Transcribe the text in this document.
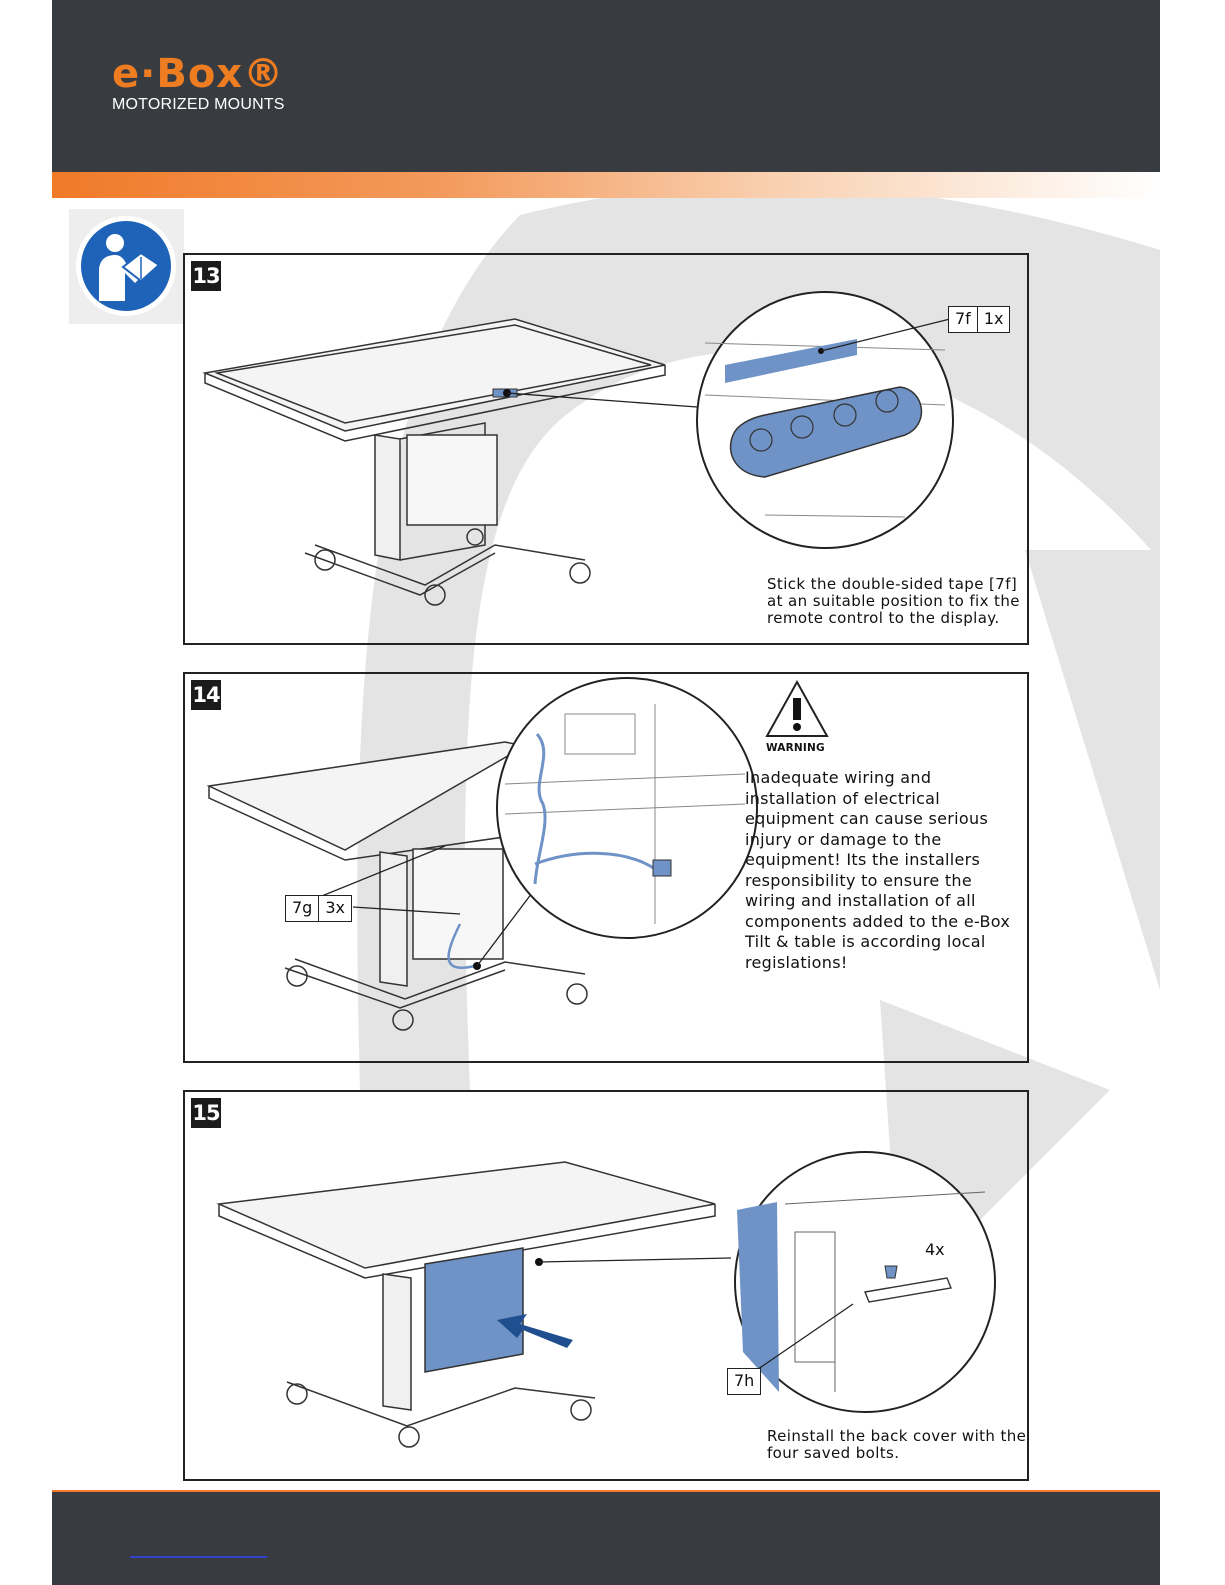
e·Box®
MOTORIZED MOUNTS
13
7f 1x
Stick the double-sided tape [7f] at an suitable position to fix the remote control to the display.
14
WARNING
Inadequate wiring and installation of electrical equipment can cause serious injury or damage to the equipment! Its the installers responsibility to ensure the wiring and installation of all components added to the e-Box Tilt & table is according local regislations!
7g 3x
15
4x
7h
Reinstall the back cover with the four saved bolts.
